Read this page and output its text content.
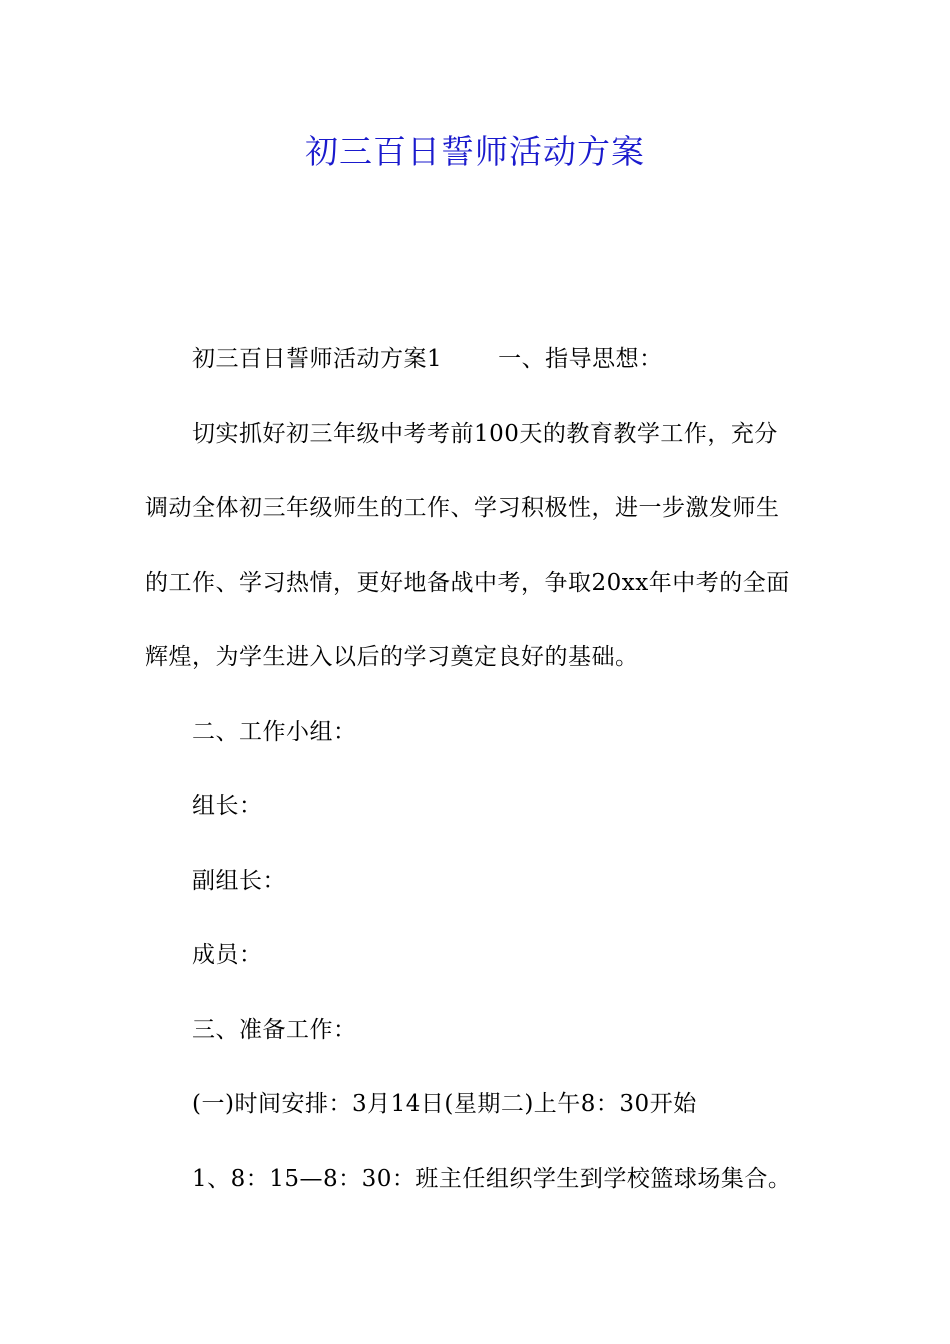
初三百日誓师活动方案
初三百日誓师活动方案1 一、指导思想：
切实抓好初三年级中考考前100天的教育教学工作，充分
调动全体初三年级师生的工作、学习积极性，进一步激发师生
的工作、学习热情，更好地备战中考，争取20xx年中考的全面
辉煌，为学生进入以后的学习奠定良好的基础。
二、工作小组：
组长：
副组长：
成员：
三、准备工作：
(一)时间安排：3月14日(星期二)上午8：30开始
1、8：15—8：30：班主任组织学生到学校篮球场集合。
